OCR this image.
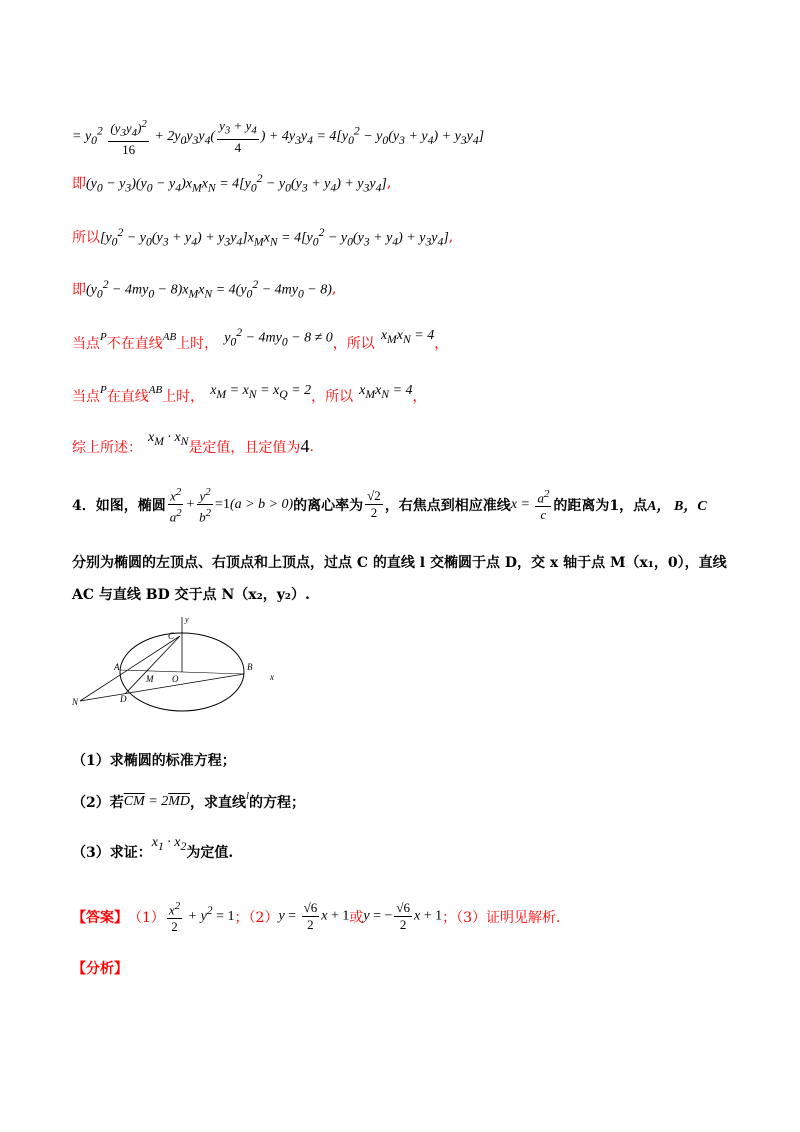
= $y_0^2 \frac{(y_3y_4)^2}{16} + 2y_0y_3y_4( \frac{y_3 + y_4}{4}$ ) + $4y_3y_4 = 4[y_0^2 - y_0(y_3 + y_4) + y_3y_4]$
即 $(y_0 - y_3)(y_0 - y_4)x_Mx_N = 4[y_0^2 - y_0(y_3 + y_4) + y_3y_4]$ ,
所以 $[y_0^2 - y_0(y_3 + y_4) + y_3y_4]x_Mx_N = 4[y_0^2 - y_0(y_3 + y_4) + y_3y_4]$ ,
即 $(y_0^2 - 4my_0 - 8)x_Mx_N = 4(y_0^2 - 4my_0 - 8)$ ,
当点 P 不在直线 AB 上时， $y_0^2 - 4my_0 - 8 \ne 0$ ，所以
$x_Mx_N = 4$
，
当点 P 在直线 AB 上时， $x_M = x_N = x_Q = 2$ ，所以 $x_Mx_N = 4$ ，
综上所述：
$x_M \cdot x_N$ 是定值，且定值为 4 .
4． 如图，椭圆 $\frac{x^2}{a^2} + \frac{y^2}{b^2} =1(a > b > 0)$ 的离心率为 $\frac{√2}{2}$ ，右焦点到相应准线 $x = \frac{a^2}{c}$ 的距离为1，点 A， B，C
分别为椭圆的左顶点、右顶点和上顶点，过点 C 的直线 l 交椭圆于点 D，交 x 轴于点 M（x₁，0），直线
AC 与直线 BD 交于点 N（x₂，y₂）.
C
y
A	B
M O	x
N	D
（1）求椭圆的标准方程；
（2）若 $\overline{CM} = 2\overline{MD}$ ，求直线 l 的方程；
（3）求证：
$x_1 \cdot x_2$ 为定值.
【答案】 $(1) \frac{x^2}{2} + y^2 = 1$ ；（2） $y = \frac{√6}{2}$ x + 1 或 y = − $\frac{√6}{2}$ x + 1 ；（3）证明见解析.
【分析】
